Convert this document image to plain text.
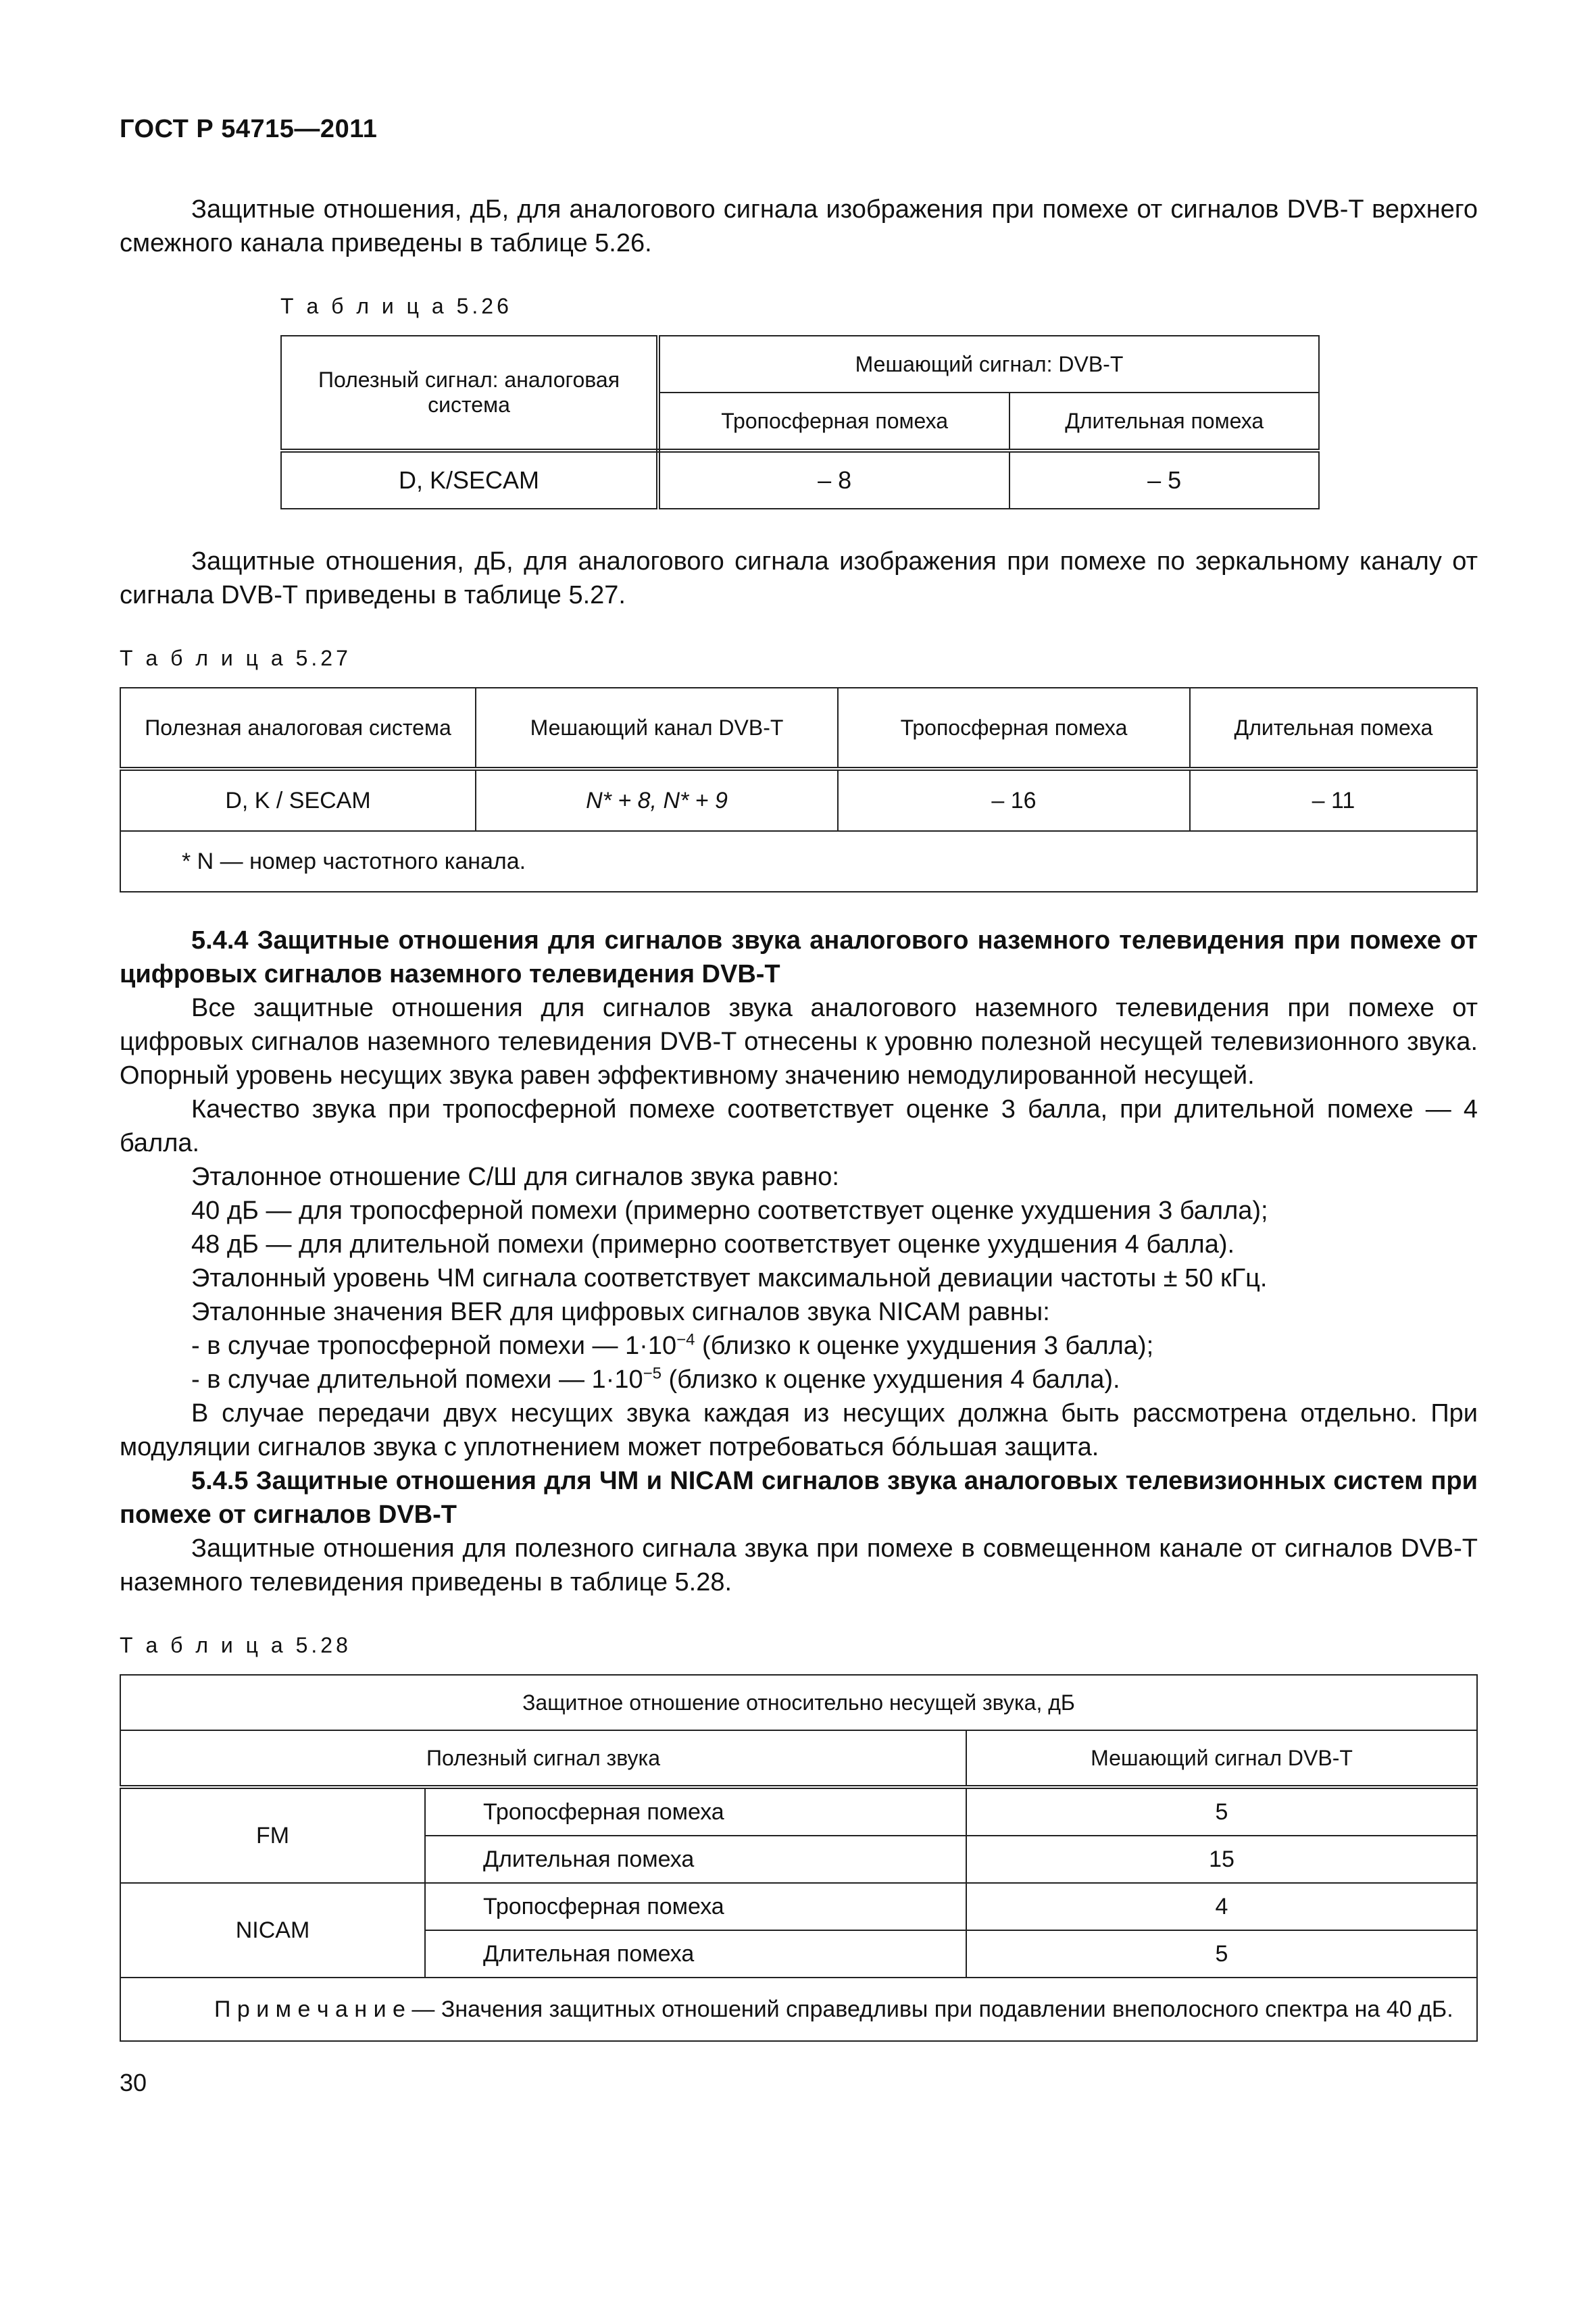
ГОСТ Р 54715—2011

Защитные отношения, дБ, для аналогового сигнала изображения при помехе от сигналов DVB-T верхнего смежного канала приведены в таблице 5.26.

Т а б л и ц а 5.26
Полезный сигнал: аналоговая система	Мешающий сигнал: DVB-T	
	Тропосферная помеха	Длительная помеха
D, K/SECAM	– 8	– 5

Защитные отношения, дБ, для аналогового сигнала изображения при помехе по зеркальному каналу от сигнала DVB-T приведены в таблице 5.27.

Т а б л и ц а 5.27
Полезная аналоговая система	Мешающий канал DVB-T	Тропосферная помеха	Длительная помеха
D, K / SECAM	N* + 8, N* + 9	– 16	– 11
* N — номер частотного канала.			
5.4.4 Защитные отношения для сигналов звука аналогового наземного телевидения при помехе от цифровых сигналов наземного телевидения DVB-T

Все защитные отношения для сигналов звука аналогового наземного телевидения при помехе от цифровых сигналов наземного телевидения DVB-T отнесены к уровню полезной несущей телевизионного звука. Опорный уровень несущих звука равен эффективному значению немодулированной несущей.

Качество звука при тропосферной помехе соответствует оценке 3 балла, при длительной помехе — 4 балла.

Эталонное отношение С/Ш для сигналов звука равно:

40 дБ — для тропосферной помехи (примерно соответствует оценке ухудшения 3 балла);

48 дБ — для длительной помехи (примерно соответствует оценке ухудшения 4 балла).

Эталонный уровень ЧМ сигнала соответствует максимальной девиации частоты ± 50 кГц.

Эталонные значения BER для цифровых сигналов звука NICAM равны:

- в случае тропосферной помехи — $1\cdot 10^{-4}$ (близко к оценке ухудшения 3 балла);

- в случае длительной помехи — $1\cdot 10^{-5}$ (близко к оценке ухудшения 4 балла).

В случае передачи двух несущих звука каждая из несущих должна быть рассмотрена отдельно. При модуляции сигналов звука с уплотнением может потребоваться бóльшая защита.

5.4.5 Защитные отношения для ЧМ и NICAM сигналов звука аналоговых телевизионных систем при помехе от сигналов DVB-T

Защитные отношения для полезного сигнала звука при помехе в совмещенном канале от сигналов DVB-T наземного телевидения приведены в таблице 5.28.

Т а б л и ц а 5.28
Защитное отношение относительно несущей звука, дБ		
Полезный сигнал звука		Мешающий сигнал DVB-T
FM	Тропосферная помеха	5
	Длительная помеха	15
NICAM	Тропосферная помеха	4
	Длительная помеха	5
П р и м е ч а н и е — Значения защитных отношений справедливы при подавлении внеполосного спектра на 40 дБ.		
30
